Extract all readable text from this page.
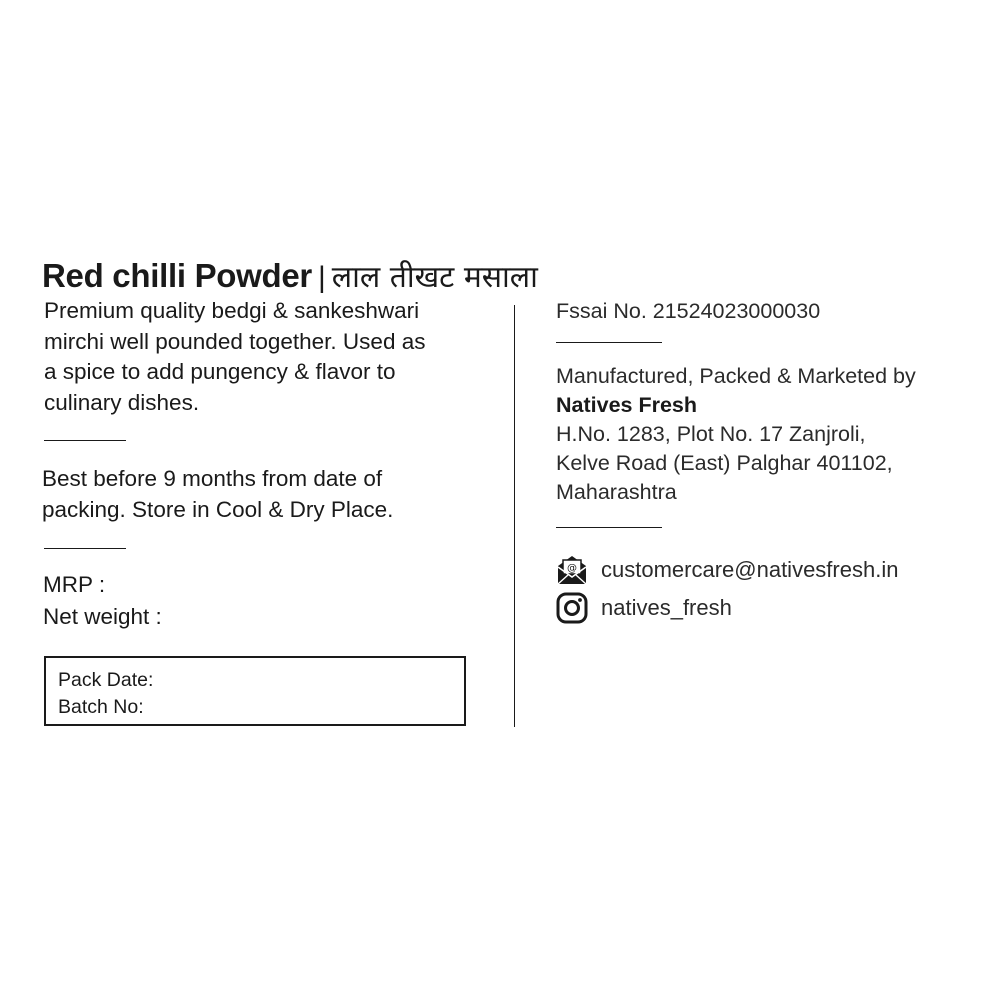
Red chilli Powder | लाल तीखट मसाला

Premium quality bedgi & sankeshwari
mirchi well pounded together. Used as
a spice to add pungency & flavor to
culinary dishes.

Best before 9 months from date of
packing. Store in Cool & Dry Place.

MRP :
Net weight :
Pack Date:
Batch No:
Fssai No. 21524023000030
Manufactured, Packed & Marketed by
Natives Fresh
H.No. 1283, Plot No. 17 Zanjroli,
Kelve Road (East) Palghar 401102,
Maharashtra
@ customercare@nativesfresh.in
natives_fresh
